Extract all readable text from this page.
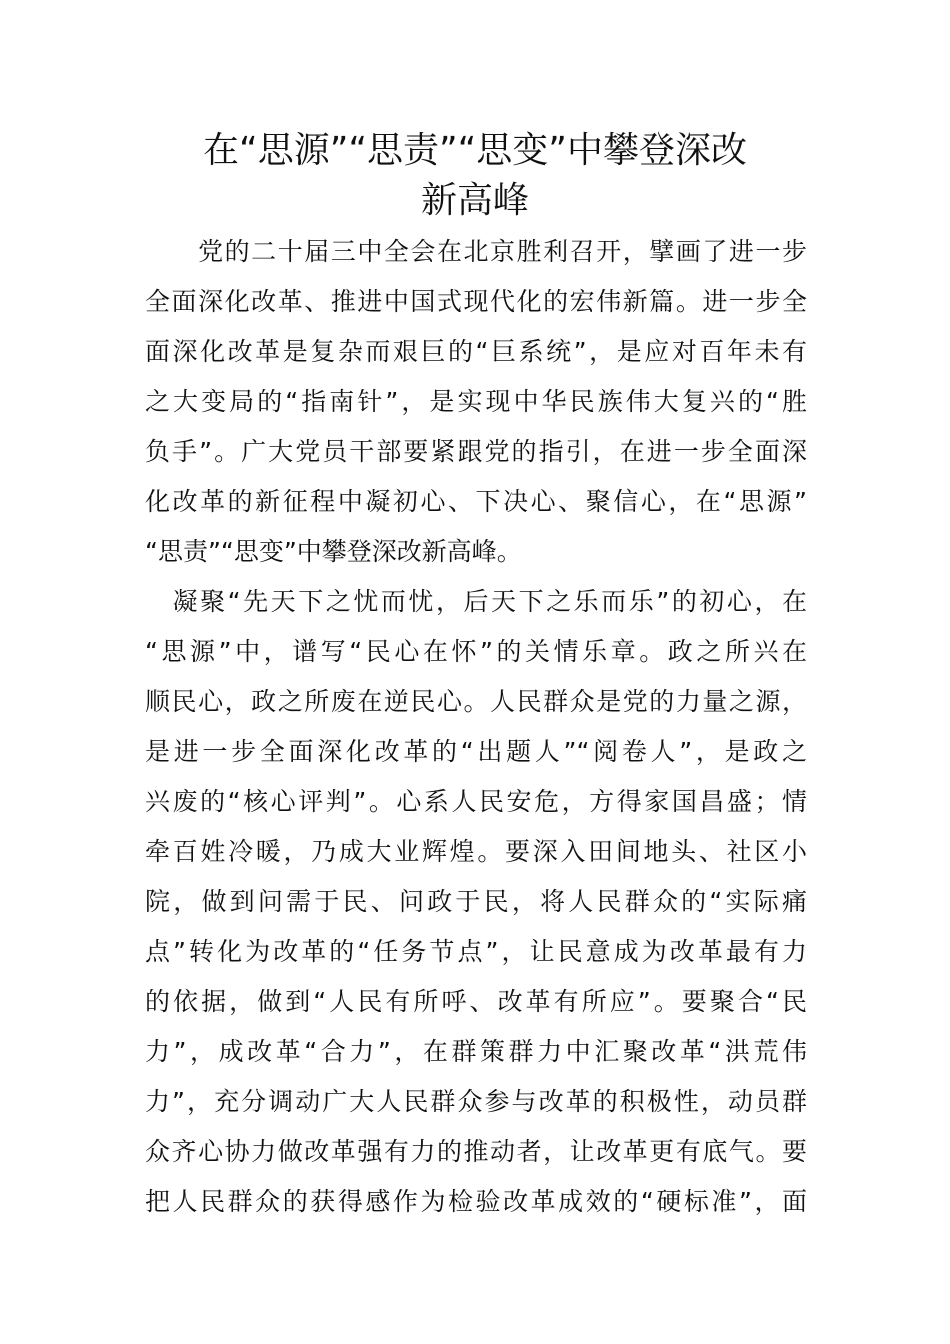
在“思源”“思责”“思变”中攀登深改
新高峰
　　党的二十届三中全会在北京胜利召开，擘画了进一步
全面深化改革、推进中国式现代化的宏伟新篇。进一步全
面深化改革是复杂而艰巨的“巨系统”，是应对百年未有
之大变局的“指南针”，是实现中华民族伟大复兴的“胜
负手”。广大党员干部要紧跟党的指引，在进一步全面深
化改革的新征程中凝初心、下决心、聚信心，在“思源”
“思责”“思变”中攀登深改新高峰。
　凝聚“先天下之忧而忧，后天下之乐而乐”的初心，在
“思源”中，谱写“民心在怀”的关情乐章。政之所兴在
顺民心，政之所废在逆民心。人民群众是党的力量之源，
是进一步全面深化改革的“出题人”“阅卷人”，是政之
兴废的“核心评判”。心系人民安危，方得家国昌盛；情
牵百姓冷暖，乃成大业辉煌。要深入田间地头、社区小
院，做到问需于民、问政于民，将人民群众的“实际痛
点”转化为改革的“任务节点”，让民意成为改革最有力
的依据，做到“人民有所呼、改革有所应”。要聚合“民
力”，成改革“合力”，在群策群力中汇聚改革“洪荒伟
力”，充分调动广大人民群众参与改革的积极性，动员群
众齐心协力做改革强有力的推动者，让改革更有底气。要
把人民群众的获得感作为检验改革成效的“硬标准”，面
